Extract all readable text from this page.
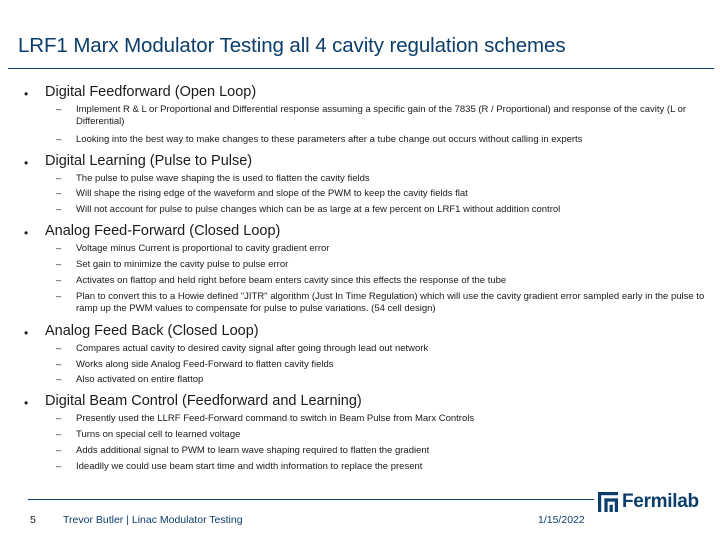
LRF1 Marx Modulator Testing all 4 cavity regulation schemes
• Digital Feedforward (Open Loop)
– Implement R & L or Proportional and Differential response assuming a specific gain of the 7835 (R / Proportional) and response of the cavity (L or Differential)
– Looking into the best way to make changes to these parameters after a tube change out occurs without calling in experts
• Digital Learning (Pulse to Pulse)
– The pulse to pulse wave shaping the is used to flatten the cavity fields
– Will shape the rising edge of the waveform and slope of the PWM to keep the cavity fields flat
– Will not account for pulse to pulse changes which can be as large at a few percent on LRF1 without addition control
• Analog Feed-Forward (Closed Loop)
– Voltage minus Current is proportional to cavity gradient error
– Set gain to minimize the cavity pulse to pulse error
– Activates on flattop and held right before beam enters cavity since this effects the response of the tube
– Plan to convert this to a Howie defined "JITR" algorithm (Just In Time Regulation) which will use the cavity gradient error sampled early in the pulse to ramp up the PWM values to compensate for pulse to pulse variations. (54 cell design)
• Analog Feed Back (Closed Loop)
– Compares actual cavity to desired cavity signal after going through lead out network
– Works along side Analog Feed-Forward to flatten cavity fields
– Also activated on entire flattop
• Digital Beam Control (Feedforward and Learning)
– Presently used the LLRF Feed-Forward command to switch in Beam Pulse from Marx Controls
– Turns on special cell to learned voltage
– Adds additional signal to PWM to learn wave shaping required to flatten the gradient
– Ideadlly we could use beam start time and width information to replace the present
Fermilab
5	Trevor Butler | Linac Modulator Testing	1/15/2022
